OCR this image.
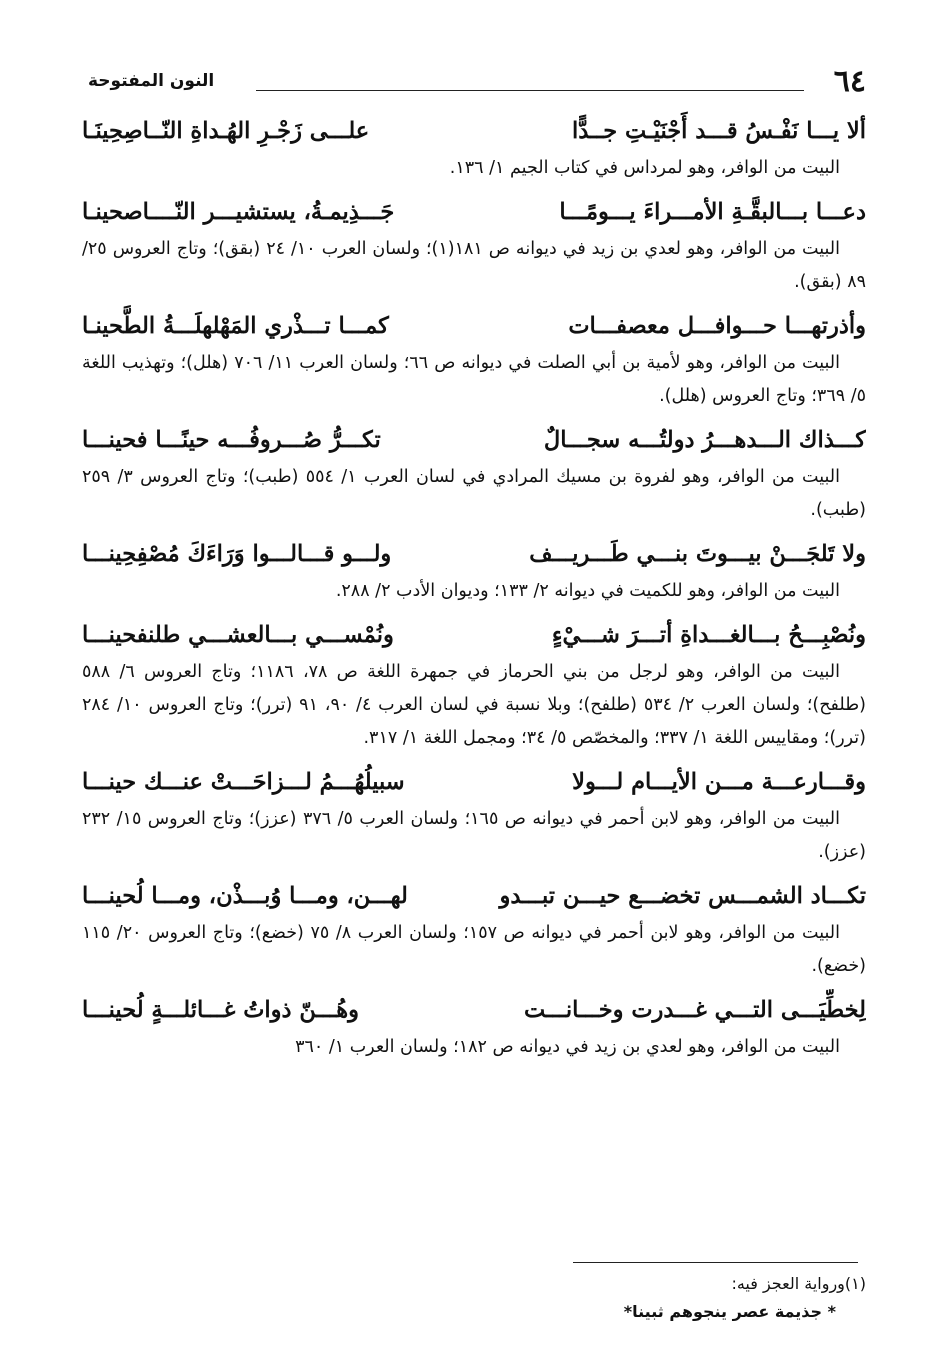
٦٤
النون المفتوحة
ألا يـــا نَفْـسُ قـــد أَجْنَيْـتِ جــدًّا
علـــى زَجْـرِ الهُـداةِ النّــاصِحِينَـا

البيت من الوافر، وهو لمرداس في كتاب الجيم ١/ ١٣٦.

دعـــا بـــالبقَّـةِ الأمـــراءَ يـــومًـــا
جَـــذِيمـةُ، يستشيـــر النّــــاصحينـا

البيت من الوافر، وهو لعدي بن زيد في ديوانه ص ١٨١(١)؛ ولسان العرب ١٠/ ٢٤ (بقق)؛ وتاج العروس ٢٥/ ٨٩ (بقق).

وأذرتهـــا حـــوافـــل معصفـــات
كمـــا تـــذْري المَهْلهلَـــةُ الطَّحينـا

البيت من الوافر، وهو لأمية بن أبي الصلت في ديوانه ص ٦٦؛ ولسان العرب ١١/ ٧٠٦ (هلل)؛ وتهذيب اللغة ٥/ ٣٦٩؛ وتاج العروس (هلل).

كـــذاك الـــدهـــرُ دولتُـــه سجـــالٌ
تكـــرُّ صُـــروفُـــه حينًـــا فحينـــا

البيت من الوافر، وهو لفروة بن مسيك المرادي في لسان العرب ١/ ٥٥٤ (طبب)؛ وتاج العروس ٣/ ٢٥٩ (طبب).

ولا تَلجَـــنْ بيـــوتَ بنـــي طَـــريـــف
ولـــو قـــالـــوا وَرَاءَكَ مُصْفِحِينـــا

البيت من الوافر، وهو للكميت في ديوانه ٢/ ١٣٣؛ وديوان الأدب ٢/ ٢٨٨.

ونُصْبِـــحُ بـــالغـــداةِ أتـــرَ شـــيْءٍ
ونُمْســـي بـــالعشـــي طلنفحينـــا

البيت من الوافر، وهو لرجل من بني الحرماز في جمهرة اللغة ص ٧٨، ١١٨٦؛ وتاج العروس ٦/ ٥٨٨ (طلفح)؛ ولسان العرب ٢/ ٥٣٤ (طلفح)؛ وبلا نسبة في لسان العرب ٤/ ٩٠، ٩١ (ترر)؛ وتاج العروس ١٠/ ٢٨٤ (ترر)؛ ومقاييس اللغة ١/ ٣٣٧؛ والمخصّص ٥/ ٣٤؛ ومجمل اللغة ١/ ٣١٧.

وقـــارعـــة مـــن الأيـــام لـــولا
سبيلُهُـــمُ لـــزاحَـــتْ عنـــك حينـــا

البيت من الوافر، وهو لابن أحمر في ديوانه ص ١٦٥؛ ولسان العرب ٥/ ٣٧٦ (عزز)؛ وتاج العروس ١٥/ ٢٣٢ (عزز).

تكـــاد الشمـــس تخضـــع حيـــن تبـــدو
لهـــن، ومـــا وُبـــذْن، ومـــا لُحينـــا

البيت من الوافر، وهو لابن أحمر في ديوانه ص ١٥٧؛ ولسان العرب ٨/ ٧٥ (خضع)؛ وتاج العروس ٢٠/ ١١٥ (خضع).

لِخطِّيَـــى التـــي غـــدرت وخـــانـــت
وهُـــنّ ذواتُ غـــائلـــةٍ لُحينـــا

البيت من الوافر، وهو لعدي بن زيد في ديوانه ص ١٨٢؛ ولسان العرب ١/ ٣٦٠

(١)ورواية العجز فيه:
* جذيمة عصر ينجوهم ثبينا*
